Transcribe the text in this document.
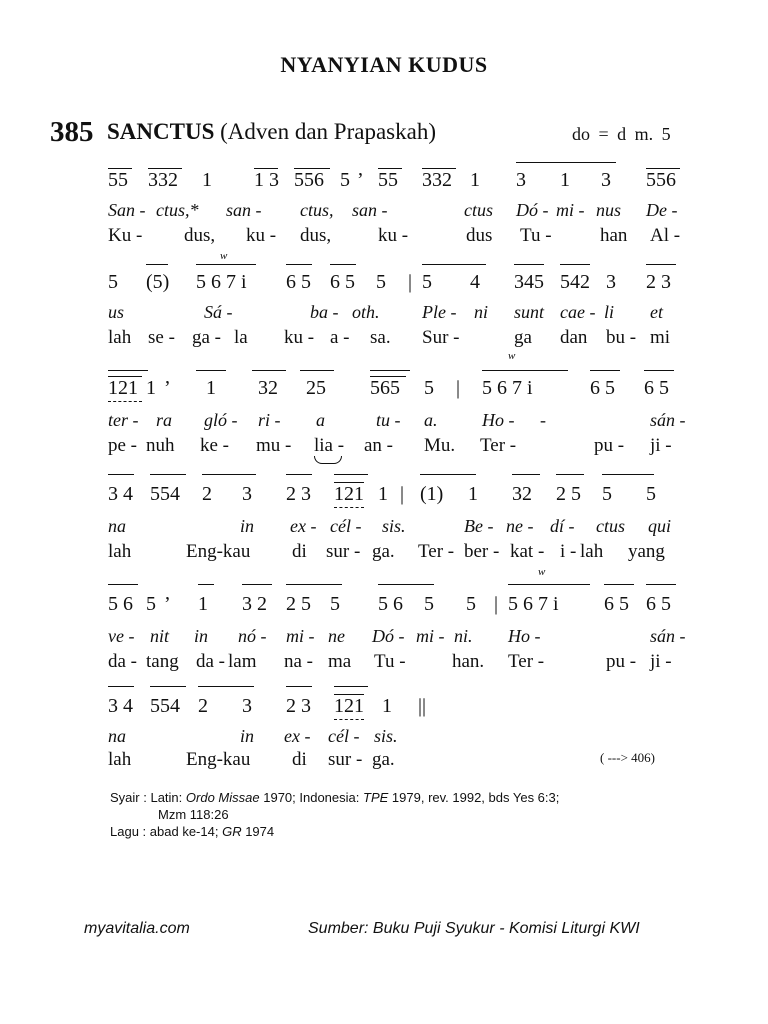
NYANYIAN KUDUS
385 SANCTUS (Adven dan Prapaskah)	do = d m. 5
55 332 1 1 3 556 5 ’ 55 332 1 3 1 3 556
San - ctus,* san - ctus, san -	ctus Dó - mi - nus De -
Ku - dus, ku - dus, ku -	dus Tu -	han Al -
w
5 (5) 5 6 7 i 6 5 6 5 5 | 5 4 345 542 3 2 3
us	Sá -	ba - oth. Ple - ni sunt cae - li et
lah se - ga - la ku - a - sa. Sur -	ga dan bu - mi
w
121 1 ’ 1 32 25 565 5 | 5 6 7 i	6 5 6 5
ter - ra gló - ri - a	tu - a. Ho - -	sán -
pe - nuh ke - mu - lia - an - Mu. Ter -	pu - ji -
3 4 554 2 3 2 3 121 1 | (1) 1 32 2 5 5 5
na	in ex - cél - sis.	Be - ne - dí - ctus qui
lah	Eng-kau di sur - ga. Ter - ber - kat - i - lah yang
w
5 6 5 ’ 1 3 2 2 5 5 5 6 5 5 | 5 6 7 i 6 5 6 5
ve - nit in nó - mi - ne Dó - mi - ni. Ho -	sán -
da - tang da - lam na - ma Tu - han. Ter -	pu - ji -
3 4 554 2 3 2 3 121 1 ||
na	in ex - cél - sis.
lah	Eng-kau di sur - ga.	( ---> 406)
Syair : Latin: Ordo Missae 1970; Indonesia: TPE 1979, rev. 1992, bds Yes 6:3;
Mzm 118:26
Lagu : abad ke-14; GR 1974
myavitalia.com	Sumber: Buku Puji Syukur - Komisi Liturgi KWI
